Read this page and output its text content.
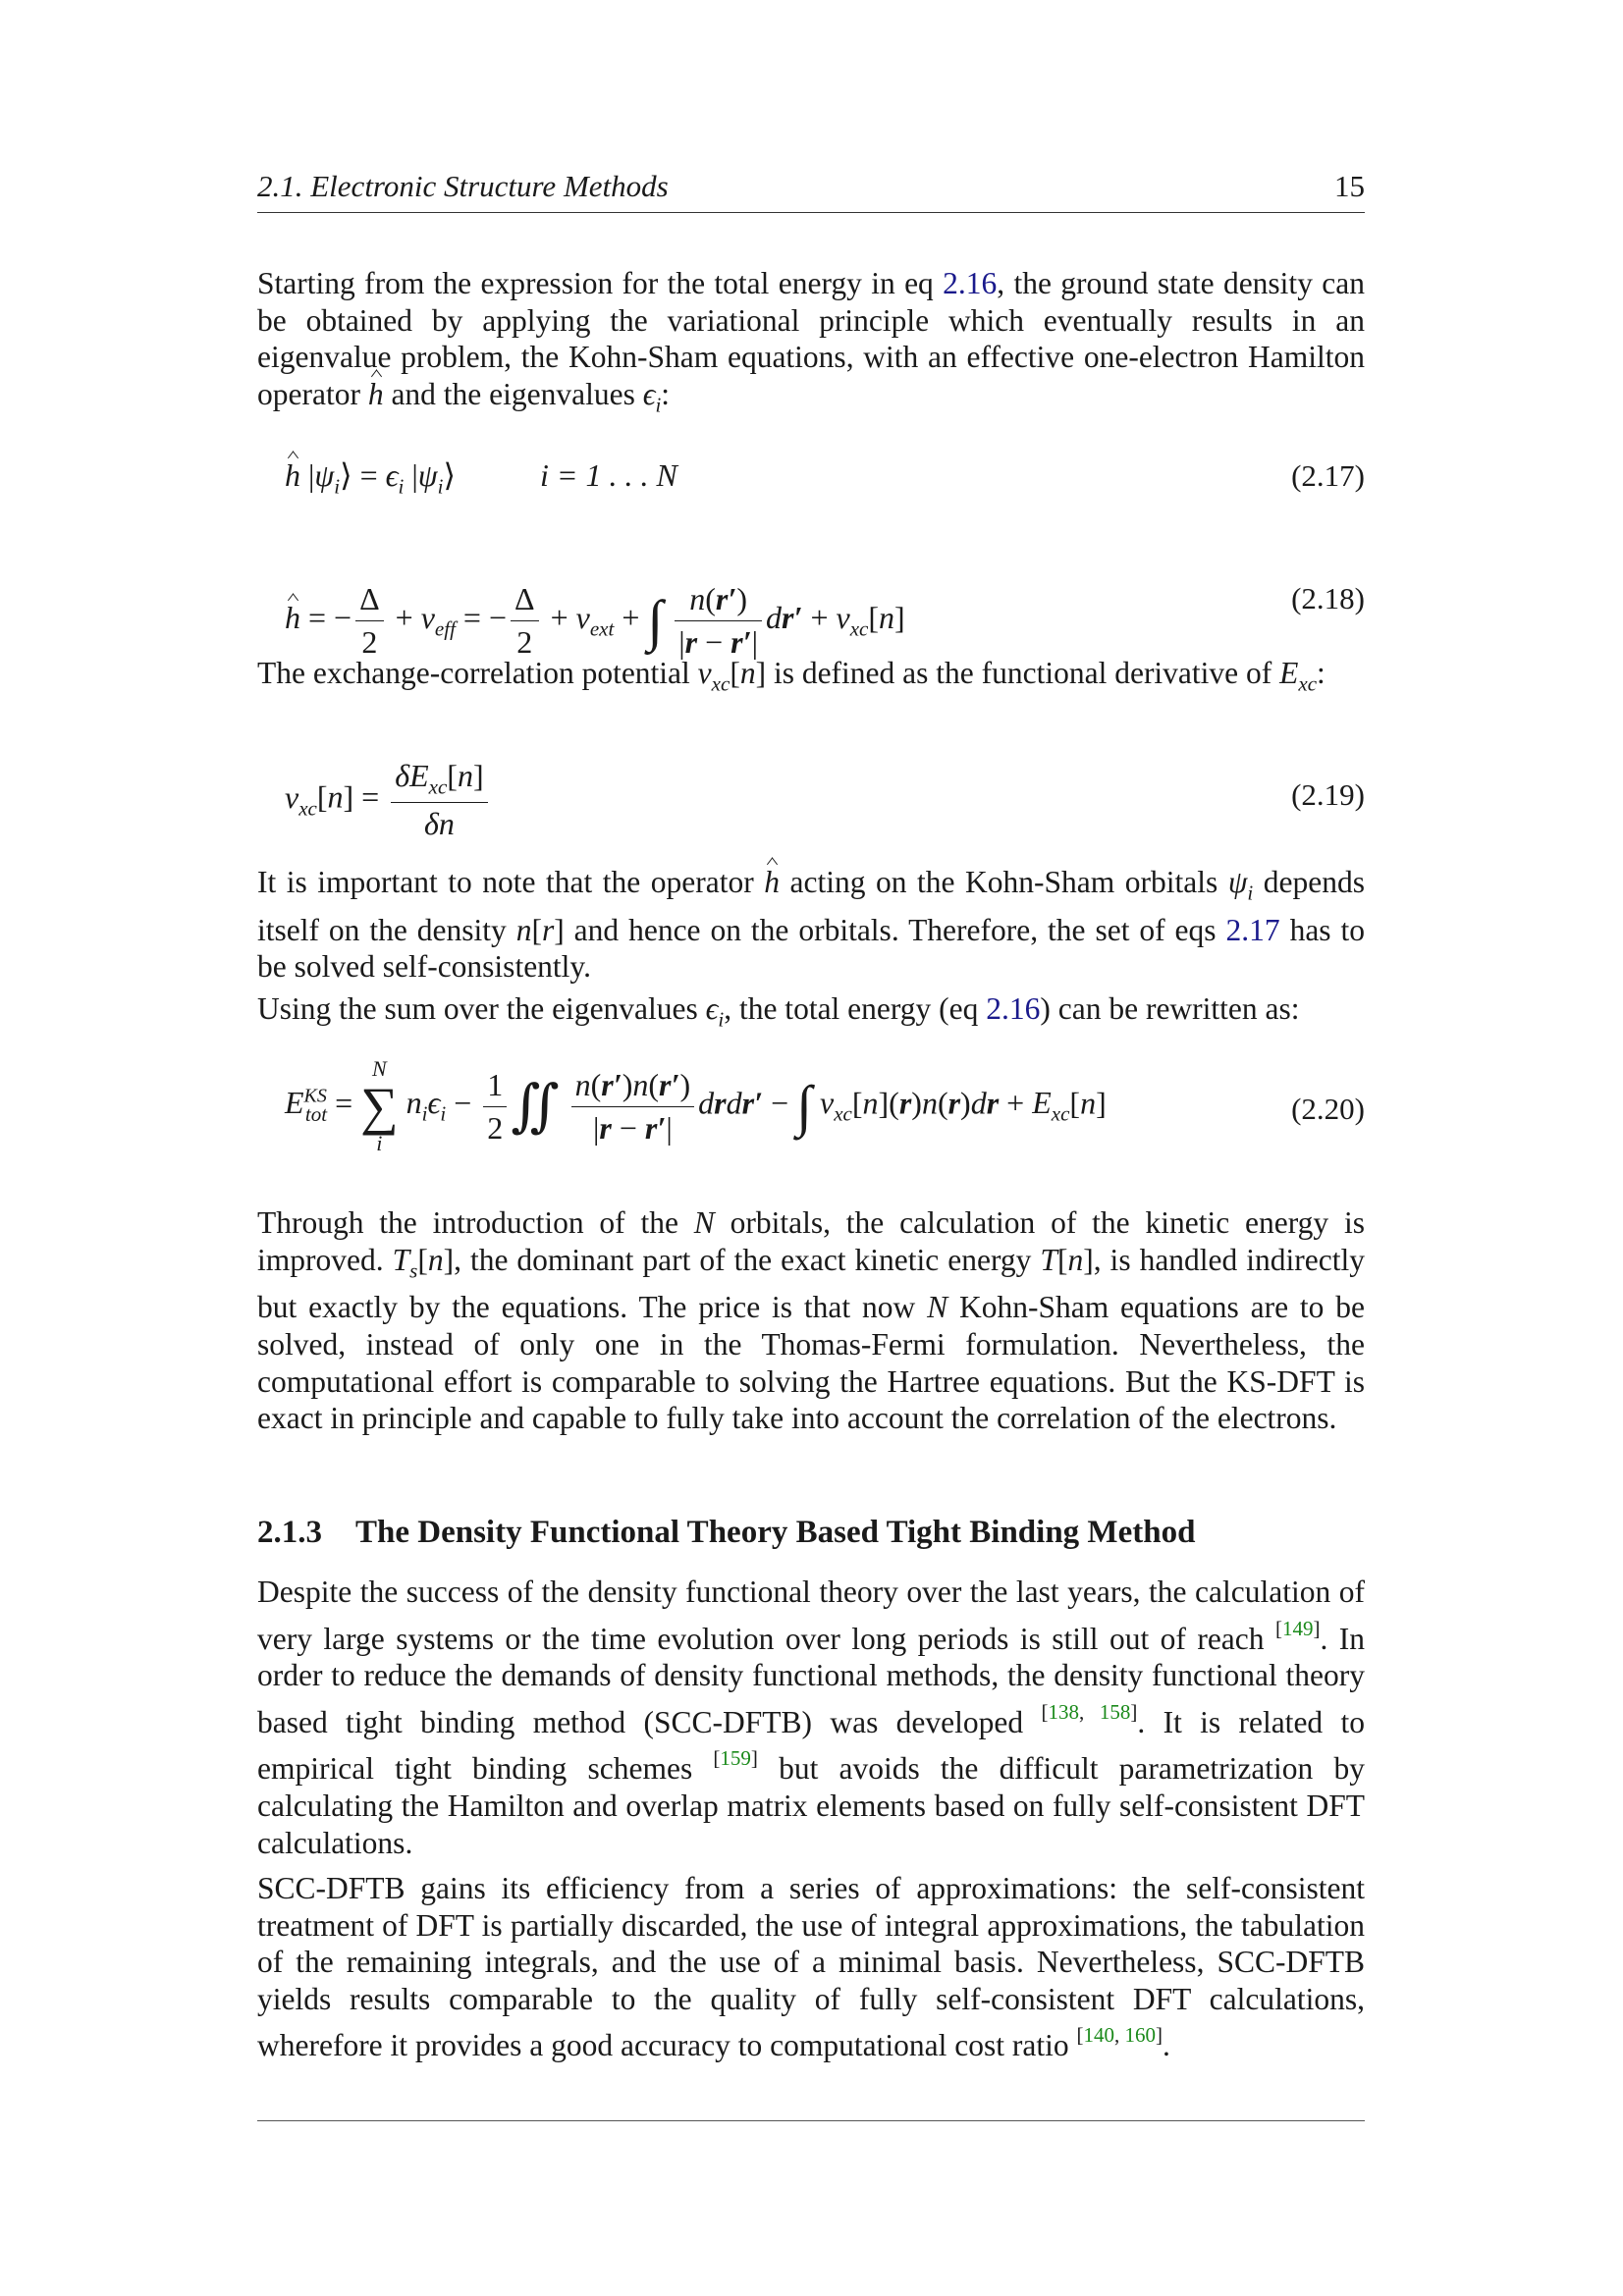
2.1. Electronic Structure Methods	15

Starting from the expression for the total energy in eq 2.16, the ground state density can be obtained by applying the variational principle which eventually results in an eigenvalue problem, the Kohn-Sham equations, with an effective one-electron Hamilton operator h and the eigenvalues $\epsilon_i$:

h $|\psi_i⟩ = \epsilon_i$ $|\psi_i⟩$  i = 1 . . . N	(2.17)
h = − $\frac{\Delta}{2} + v_{eff}$ = − $\frac{\Delta}{2} + v_{ext}$ + ∫ $\frac{n(r')}{|r - r'|} dr' + v_{xc}[n]$
(2.18)

The exchange-correlation potential $v_{xc}[n]$ is defined as the functional derivative of $E_{xc}$:

$v_{xc}[n] = \frac{\delta E_{xc}[n]}{\delta n}$	(2.19)

It is important to note that the operator h acting on the Kohn-Sham orbitals $\psi_i$ depends itself on the density n[r] and hence on the orbitals. Therefore, the set of eqs 2.17 has to be solved self-consistently.

Using the sum over the eigenvalues $\epsilon_i$, the total energy (eq 2.16) can be rewritten as:

$E^{KS}_{tot}$ =
N
∑
i
$n_i\epsilon_i - \frac{1}{2}$ ∬ $\frac{n(r')n(r')}{|r - r'|}$ drdr′ − ∫ $v_{xc}[n](r)n(r)dr + E_{xc}[n]$	(2.20)

Through the introduction of the N orbitals, the calculation of the kinetic energy is improved. $T_s[n]$, the dominant part of the exact kinetic energy T[n], is handled indirectly but exactly by the equations. The price is that now N Kohn-Sham equations are to be solved, instead of only one in the Thomas-Fermi formulation. Nevertheless, the computational effort is comparable to solving the Hartree equations. But the KS-DFT is exact in principle and capable to fully take into account the correlation of the electrons.

2.1.3 The Density Functional Theory Based Tight Binding Method

Despite the success of the density functional theory over the last years, the calculation of very large systems or the time evolution over long periods is still out of reach [149]. In order to reduce the demands of density functional methods, the density functional theory based tight binding method (SCC-DFTB) was developed [138, 158]. It is related to empirical tight binding schemes [159] but avoids the difficult parametrization by calculating the Hamilton and overlap matrix elements based on fully self-consistent DFT calculations.

SCC-DFTB gains its efficiency from a series of approximations: the self-consistent treatment of DFT is partially discarded, the use of integral approximations, the tabulation of the remaining integrals, and the use of a minimal basis. Nevertheless, SCC-DFTB yields results comparable to the quality of fully self-consistent DFT calculations, wherefore it provides a good accuracy to computational cost ratio [140, 160].
